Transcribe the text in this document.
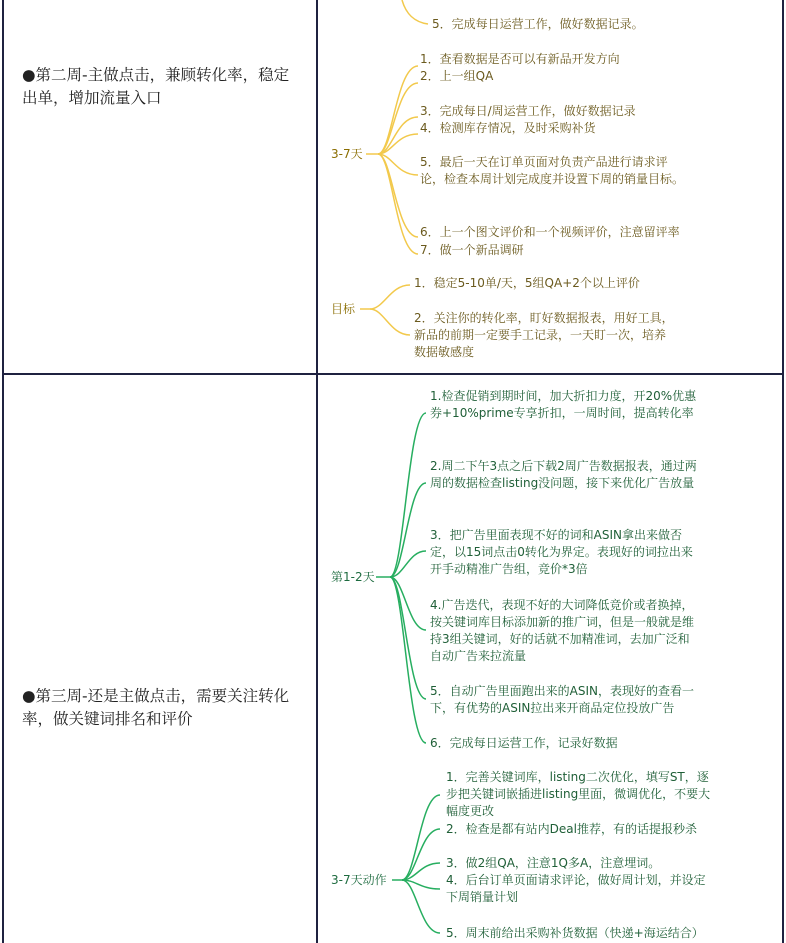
●第二周-主做点击，兼顾转化率，稳定出单，增加流量入口
5．完成每日运营工作，做好数据记录。
3-7天
1．查看数据是否可以有新品开发方向
2．上一组QA
3．完成每日/周运营工作，做好数据记录
4．检测库存情况，及时采购补货
5．最后一天在订单页面对负责产品进行请求评论，检查本周计划完成度并设置下周的销量目标。
6．上一个图文评价和一个视频评价，注意留评率
7．做一个新品调研
目标
1．稳定5-10单/天，5组QA+2个以上评价
2．关注你的转化率，盯好数据报表，用好工具，新品的前期一定要手工记录，一天盯一次，培养数据敏感度
●第三周-还是主做点击，需要关注转化率，做关键词排名和评价
第1-2天
1.检查促销到期时间，加大折扣力度，开20%优惠券+10%prime专享折扣，一周时间，提高转化率
2.周二下午3点之后下载2周广告数据报表，通过两周的数据检查listing没问题，接下来优化广告放量
3．把广告里面表现不好的词和ASIN拿出来做否定，以15词点击0转化为界定。表现好的词拉出来开手动精准广告组，竞价*3倍
4.广告迭代，表现不好的大词降低竞价或者换掉，按关键词库目标添加新的推广词，但是一般就是维持3组关键词，好的话就不加精准词，去加广泛和自动广告来拉流量
5．自动广告里面跑出来的ASIN，表现好的查看一下，有优势的ASIN拉出来开商品定位投放广告
6．完成每日运营工作，记录好数据
3-7天动作
1．完善关键词库，listing二次优化，填写ST，逐步把关键词嵌插进listing里面，微调优化，不要大幅度更改
2．检查是都有站内Deal推荐，有的话提报秒杀
3．做2组QA，注意1Q多A，注意埋词。
4．后台订单页面请求评论，做好周计划，并设定下周销量计划
5．周末前给出采购补货数据（快递+海运结合）
